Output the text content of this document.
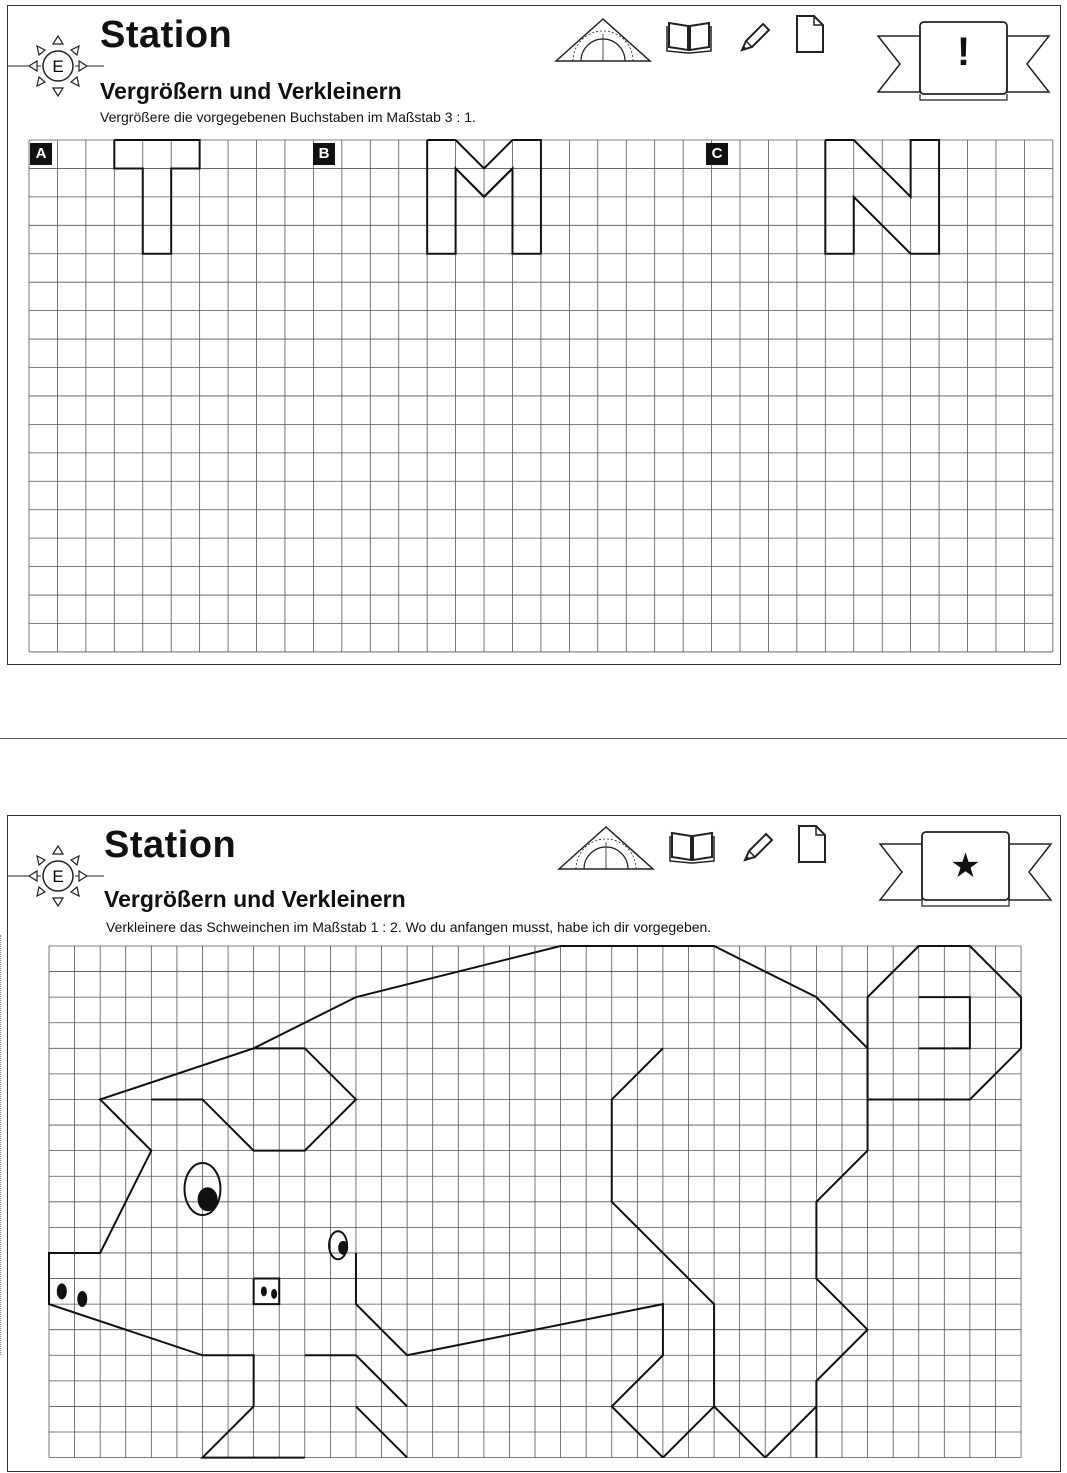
E
Station
Vergrößern und Verkleinern
Vergrößere die vorgegebenen Buchstaben im Maßstab 3 : 1.
!
A	B	C
E
Station
Vergrößern und Verkleinern
Verkleinere das Schweinchen im Maßstab 1 : 2. Wo du anfangen musst, habe ich dir vorgegeben.
★
